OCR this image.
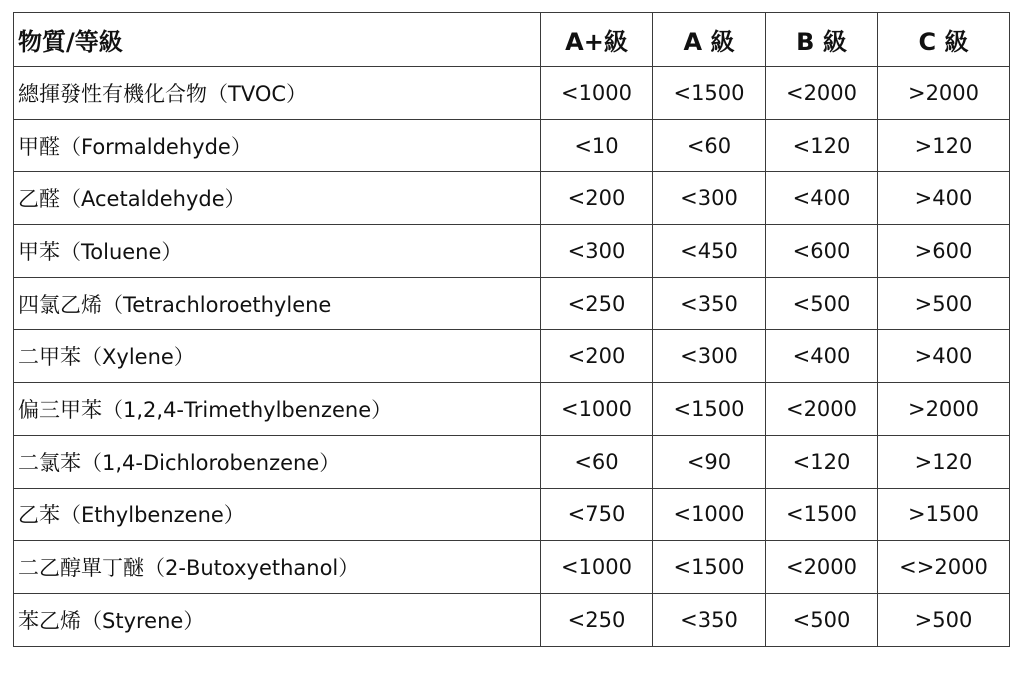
物質/等級	A+級	A 級	B 級	C 級
總揮發性有機化合物（TVOC）	<1000	<1500	<2000	>2000
甲醛（Formaldehyde）	<10	<60	<120	>120
乙醛（Acetaldehyde）	<200	<300	<400	>400
甲苯（Toluene）	<300	<450	<600	>600
四氯乙烯（Tetrachloroethylene	<250	<350	<500	>500
二甲苯（Xylene）	<200	<300	<400	>400
偏三甲苯（1,2,4-Trimethylbenzene）	<1000	<1500	<2000	>2000
二氯苯（1,4-Dichlorobenzene）	<60	<90	<120	>120
乙苯（Ethylbenzene）	<750	<1000	<1500	>1500
二乙醇單丁醚（2-Butoxyethanol）	<1000	<1500	<2000	<>2000
苯乙烯（Styrene）	<250	<350	<500	>500
